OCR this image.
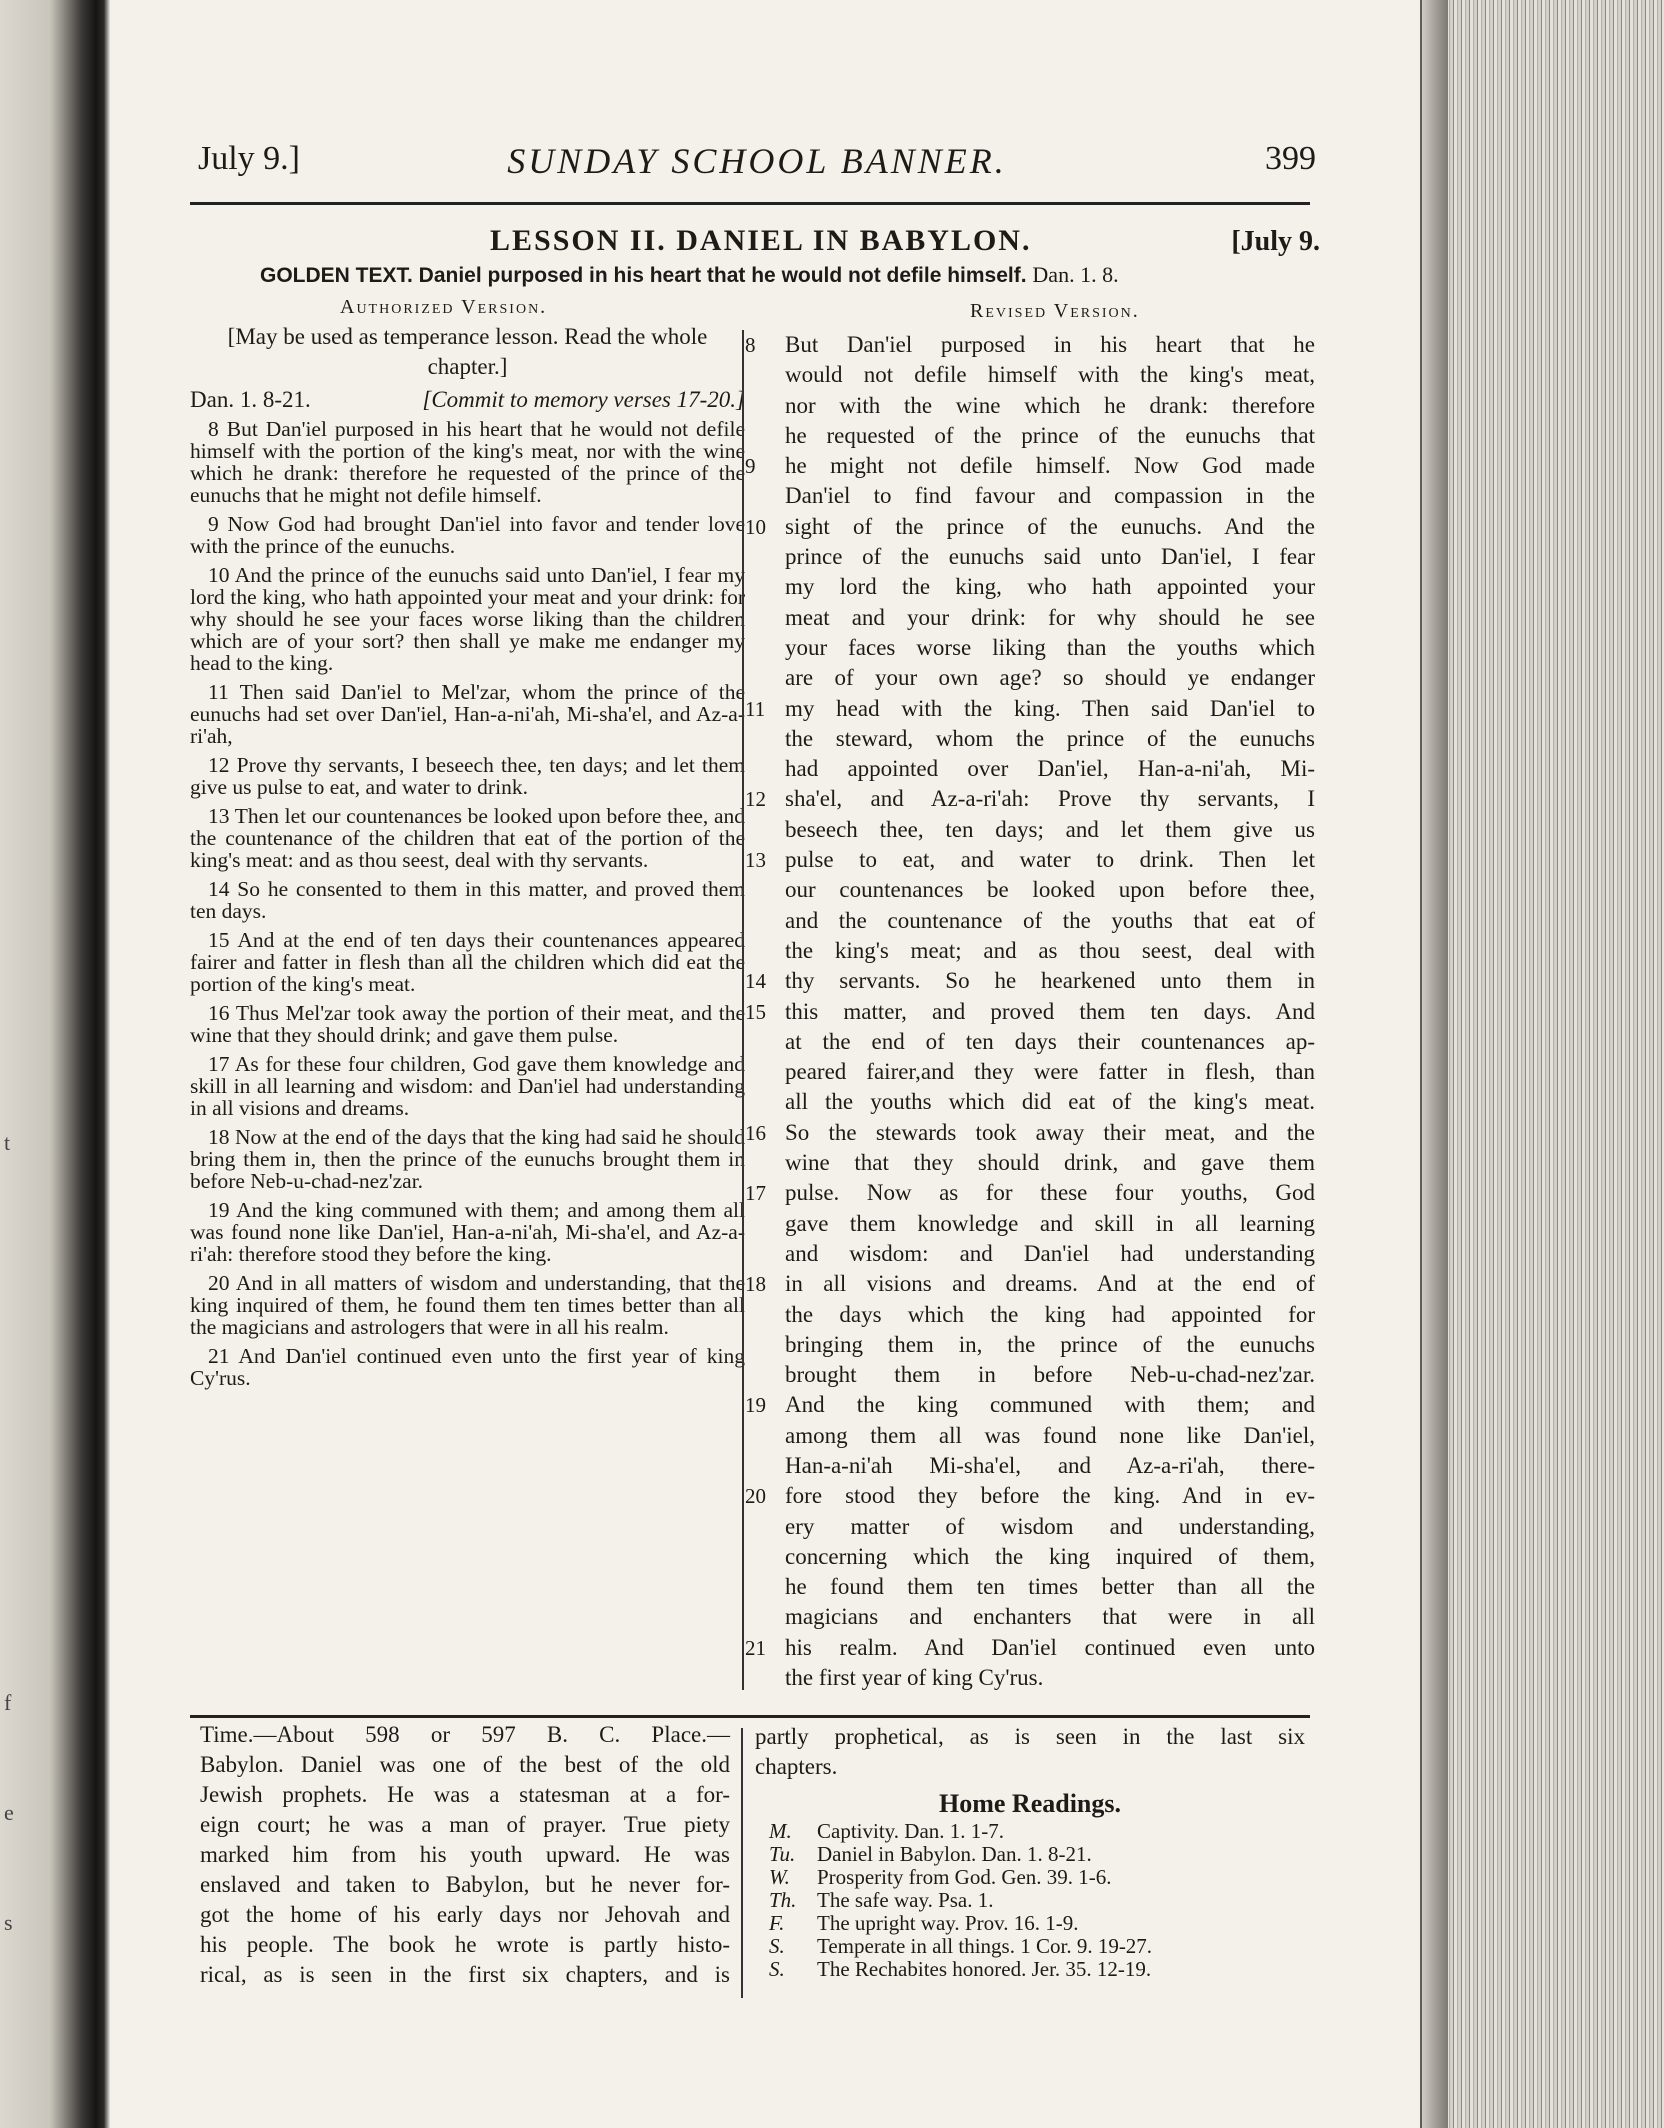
t
f
e
s
July 9.]	SUNDAY SCHOOL BANNER.	399
LESSON II. DANIEL IN BABYLON.	[July 9.
GOLDEN TEXT. Daniel purposed in his heart that he would not defile himself. Dan. 1. 8.
Authorized Version.	Revised Version.

[May be used as temperance lesson. Read the whole chapter.]

Dan. 1. 8-21.	[Commit to memory verses 17-20.]

8 But Dan'iel purposed in his heart that he would not defile himself with the portion of the king's meat, nor with the wine which he drank: therefore he requested of the prince of the eunuchs that he might not defile himself.

9 Now God had brought Dan'iel into favor and tender love with the prince of the eunuchs.

10 And the prince of the eunuchs said unto Dan'iel, I fear my lord the king, who hath appointed your meat and your drink: for why should he see your faces worse liking than the children which are of your sort? then shall ye make me endanger my head to the king.

11 Then said Dan'iel to Mel'zar, whom the prince of the eunuchs had set over Dan'iel, Han-a-ni'ah, Mi-sha'el, and Az-a-ri'ah,

12 Prove thy servants, I beseech thee, ten days; and let them give us pulse to eat, and water to drink.

13 Then let our countenances be looked upon before thee, and the countenance of the children that eat of the portion of the king's meat: and as thou seest, deal with thy servants.

14 So he consented to them in this matter, and proved them ten days.

15 And at the end of ten days their countenances appeared fairer and fatter in flesh than all the children which did eat the portion of the king's meat.

16 Thus Mel'zar took away the portion of their meat, and the wine that they should drink; and gave them pulse.

17 As for these four children, God gave them knowledge and skill in all learning and wisdom: and Dan'iel had understanding in all visions and dreams.

18 Now at the end of the days that the king had said he should bring them in, then the prince of the eunuchs brought them in before Neb-u-chad-nez'zar.

19 And the king communed with them; and among them all was found none like Dan'iel, Han-a-ni'ah, Mi-sha'el, and Az-a-ri'ah: therefore stood they before the king.

20 And in all matters of wisdom and understanding, that the king inquired of them, he found them ten times better than all the magicians and astrologers that were in all his realm.

21 And Dan'iel continued even unto the first year of king Cy'rus.

8 But Dan'iel purposed in his heart that he
would not defile himself with the king's meat,
nor with the wine which he drank: therefore
he requested of the prince of the eunuchs that
9 he might not defile himself. Now God made
Dan'iel to find favour and compassion in the
10 sight of the prince of the eunuchs. And the
prince of the eunuchs said unto Dan'iel, I fear
my lord the king, who hath appointed your
meat and your drink: for why should he see
your faces worse liking than the youths which
are of your own age? so should ye endanger
11 my head with the king. Then said Dan'iel to
the steward, whom the prince of the eunuchs
had appointed over Dan'iel, Han-a-ni'ah, Mi-
12 sha'el, and Az-a-ri'ah: Prove thy servants, I
beseech thee, ten days; and let them give us
13 pulse to eat, and water to drink. Then let
our countenances be looked upon before thee,
and the countenance of the youths that eat of
the king's meat; and as thou seest, deal with
14 thy servants. So he hearkened unto them in
15 this matter, and proved them ten days. And
at the end of ten days their countenances ap-
peared fairer,and they were fatter in flesh, than
all the youths which did eat of the king's meat.
16 So the stewards took away their meat, and the
wine that they should drink, and gave them
17 pulse. Now as for these four youths, God
gave them knowledge and skill in all learning
and wisdom: and Dan'iel had understanding
18 in all visions and dreams. And at the end of
the days which the king had appointed for
bringing them in, the prince of the eunuchs
brought them in before Neb-u-chad-nez'zar.
19 And the king communed with them; and
among them all was found none like Dan'iel,
Han-a-ni'ah Mi-sha'el, and Az-a-ri'ah, there-
20 fore stood they before the king. And in ev-
ery matter of wisdom and understanding,
concerning which the king inquired of them,
he found them ten times better than all the
magicians and enchanters that were in all
21 his realm. And Dan'iel continued even unto
the first year of king Cy'rus.
Time.—About 598 or 597 B. C. Place.—
Babylon. Daniel was one of the best of the old
Jewish prophets. He was a statesman at a for-
eign court; he was a man of prayer. True piety
marked him from his youth upward. He was
enslaved and taken to Babylon, but he never for-
got the home of his early days nor Jehovah and
his people. The book he wrote is partly histo-
rical, as is seen in the first six chapters, and is
partly prophetical, as is seen in the last six
chapters.
Home Readings.
M.	Captivity. Dan. 1. 1-7.
Tu.	Daniel in Babylon. Dan. 1. 8-21.
W.	Prosperity from God. Gen. 39. 1-6.
Th. The safe way. Psa. 1.
F.	The upright way. Prov. 16. 1-9.
S.	Temperate in all things. 1 Cor. 9. 19-27.
S.	The Rechabites honored. Jer. 35. 12-19.
